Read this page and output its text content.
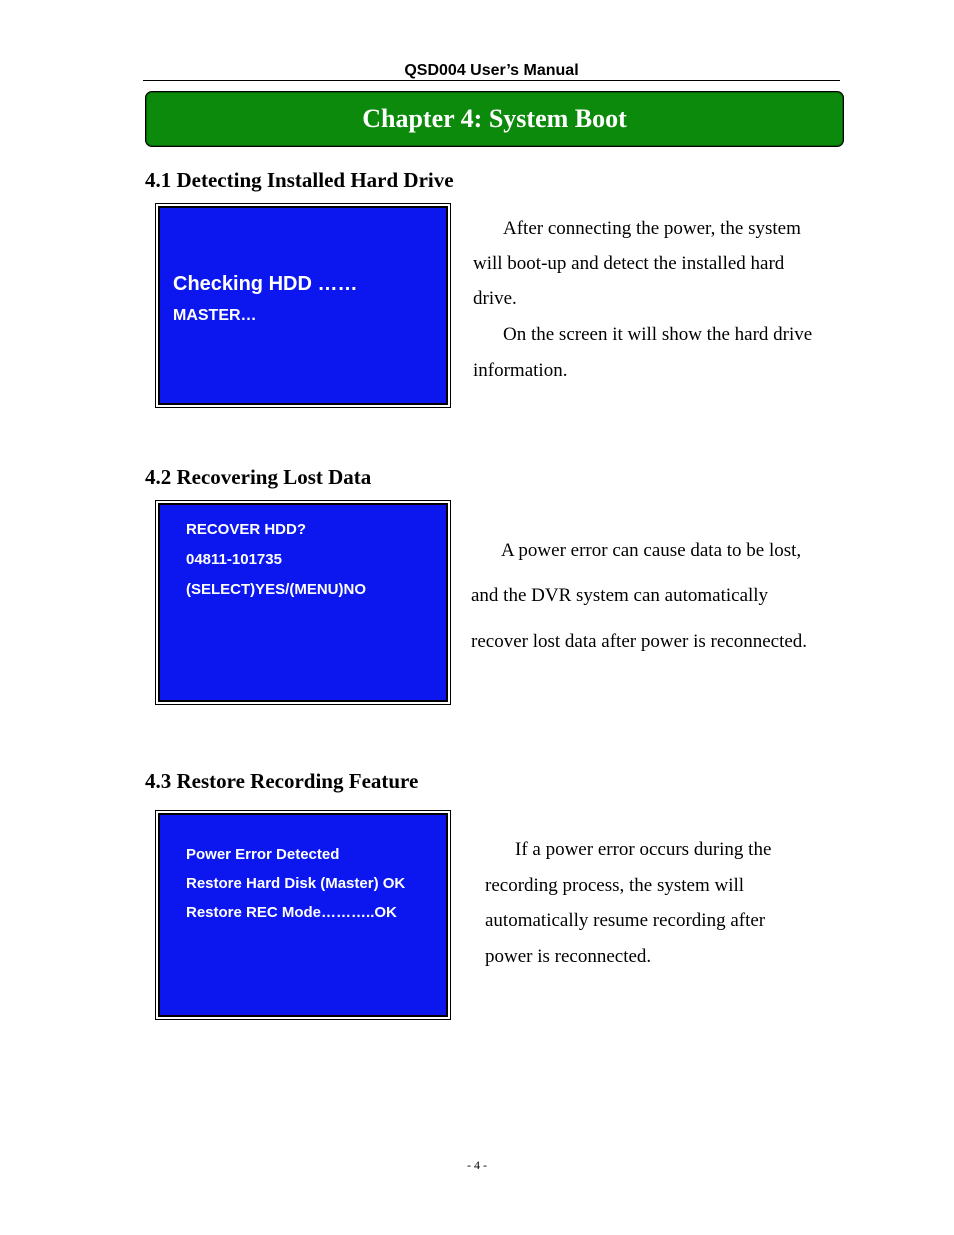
QSD004 User’s Manual
Chapter 4: System Boot
4.1 Detecting Installed Hard Drive
Checking HDD ……
MASTER…
After connecting the power, the system
will boot-up and detect the installed hard
drive.
On the screen it will show the hard drive
information.
4.2 Recovering Lost Data
RECOVER HDD?
04811-101735
(SELECT)YES/(MENU)NO
A power error can cause data to be lost,
and the DVR system can automatically
recover lost data after power is reconnected.
4.3 Restore Recording Feature
Power Error Detected
Restore Hard Disk (Master) OK
Restore REC Mode………..OK
If a power error occurs during the
recording process, the system will
automatically resume recording after
power is reconnected.
- 4 -
